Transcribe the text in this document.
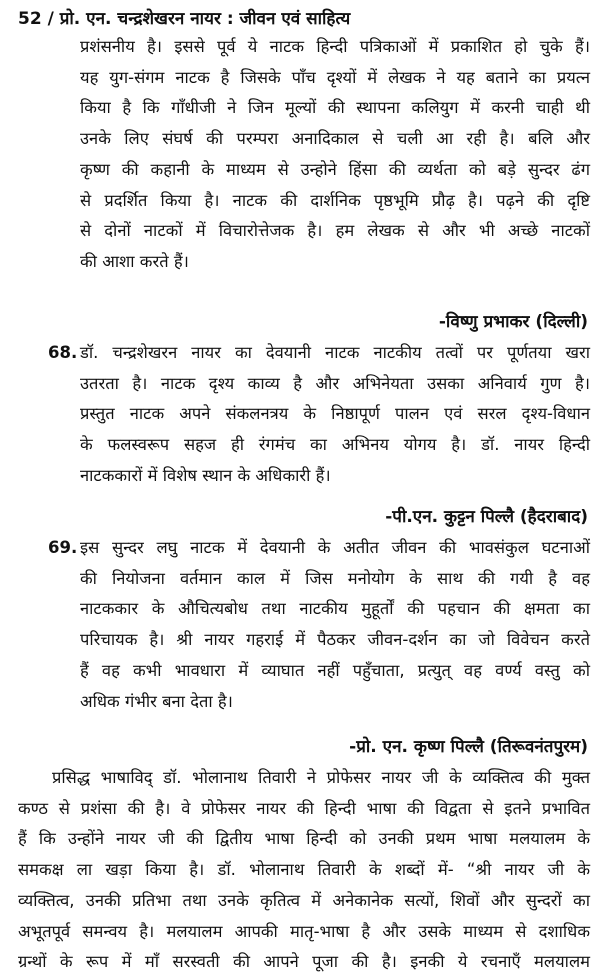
52 / प्रो. एन. चन्द्रशेखरन नायर : जीवन एवं साहित्य
प्रशंसनीय है। इससे पूर्व ये नाटक हिन्दी पत्रिकाओं में प्रकाशित हो चुके हैं।
यह युग-संगम नाटक है जिसके पाँच दृश्यों में लेखक ने यह बताने का प्रयत्न
किया है कि गाँधीजी ने जिन मूल्यों की स्थापना कलियुग में करनी चाही थी
उनके लिए संघर्ष की परम्परा अनादिकाल से चली आ रही है। बलि और
कृष्ण की कहानी के माध्यम से उन्होने हिंसा की व्यर्थता को बड़े सुन्दर ढंग
से प्रदर्शित किया है। नाटक की दार्शनिक पृष्ठभूमि प्रौढ़ है। पढ़ने की दृष्टि
से दोनों नाटकों में विचारोत्तेजक है। हम लेखक से और भी अच्छे नाटकों
की आशा करते हैं।
-विष्णु प्रभाकर (दिल्ली)
68. डॉ. चन्द्रशेखरन नायर का देवयानी नाटक नाटकीय तत्वों पर पूर्णतया खरा
उतरता है। नाटक दृश्य काव्य है और अभिनेयता उसका अनिवार्य गुण है।
प्रस्तुत नाटक अपने संकलनत्रय के निष्ठापूर्ण पालन एवं सरल दृश्य-विधान
के फलस्वरूप सहज ही रंगमंच का अभिनय योगय है। डॉ. नायर हिन्दी
नाटककारों में विशेष स्थान के अधिकारी हैं।
-पी.एन. कुट्टन पिल्लै (हैदराबाद)
69. इस सुन्दर लघु नाटक में देवयानी के अतीत जीवन की भावसंकुल घटनाओं
की नियोजना वर्तमान काल में जिस मनोयोग के साथ की गयी है वह
नाटककार के औचित्यबोध तथा नाटकीय मुहूर्तों की पहचान की क्षमता का
परिचायक है। श्री नायर गहराई में पैठकर जीवन-दर्शन का जो विवेचन करते
हैं वह कभी भावधारा में व्याघात नहीं पहुँचाता, प्रत्युत् वह वर्ण्य वस्तु को
अधिक गंभीर बना देता है।
-प्रो. एन. कृष्ण पिल्लै (तिरूवनंतपुरम)
प्रसिद्ध भाषाविद् डॉ. भोलानाथ तिवारी ने प्रोफेसर नायर जी के व्यक्तित्व की मुक्त
कण्ठ से प्रशंसा की है। वे प्रोफेसर नायर की हिन्दी भाषा की विद्वता से इतने प्रभावित
हैं कि उन्होंने नायर जी की द्वितीय भाषा हिन्दी को उनकी प्रथम भाषा मलयालम के
समकक्ष ला खड़ा किया है। डॉ. भोलानाथ तिवारी के शब्दों में- “श्री नायर जी के
व्यक्तित्व, उनकी प्रतिभा तथा उनके कृतित्व में अनेकानेक सत्यों, शिवों और सुन्दरों का
अभूतपूर्व समन्वय है। मलयालम आपकी मातृ-भाषा है और उसके माध्यम से दशाधिक
ग्रन्थों के रूप में माँ सरस्वती की आपने पूजा की है। इनकी ये रचनाएँ मलयालम
